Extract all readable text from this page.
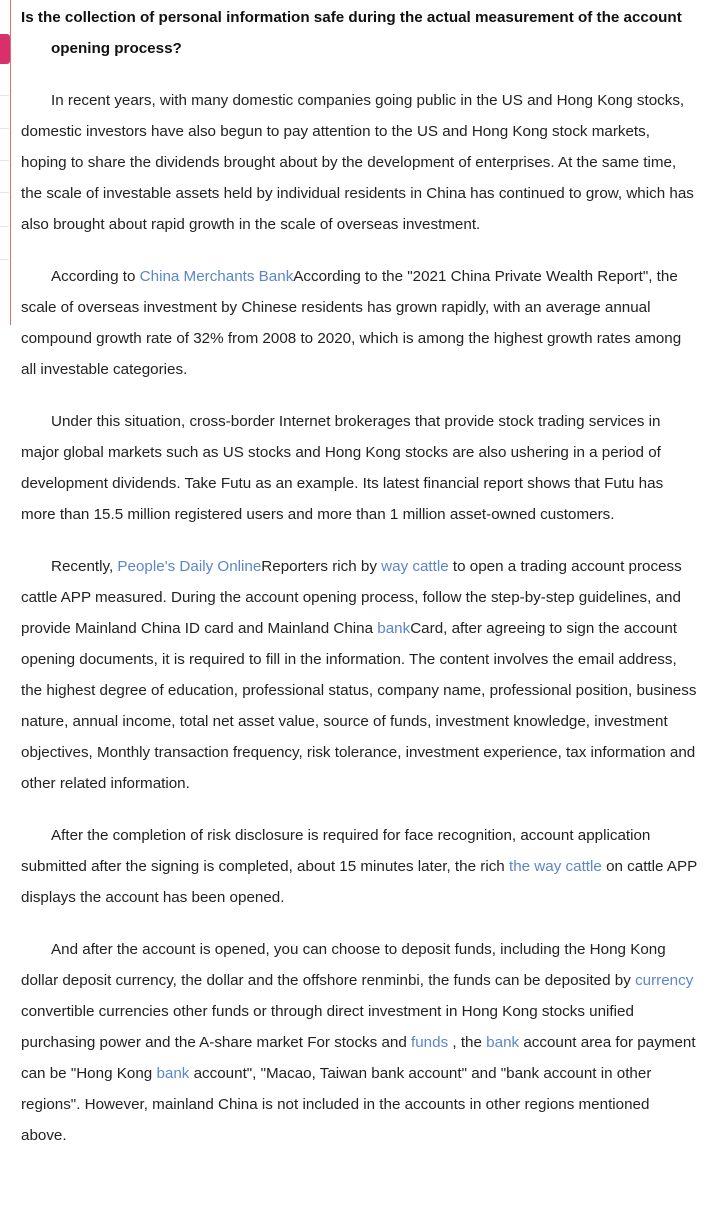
Is the collection of personal information safe during the actual measurement of the account opening process?

In recent years, with many domestic companies going public in the US and Hong Kong stocks, domestic investors have also begun to pay attention to the US and Hong Kong stock markets, hoping to share the dividends brought about by the development of enterprises. At the same time, the scale of investable assets held by individual residents in China has continued to grow, which has also brought about rapid growth in the scale of overseas investment.

According to China Merchants BankAccording to the "2021 China Private Wealth Report", the scale of overseas investment by Chinese residents has grown rapidly, with an average annual compound growth rate of 32% from 2008 to 2020, which is among the highest growth rates among all investable categories.

Under this situation, cross-border Internet brokerages that provide stock trading services in major global markets such as US stocks and Hong Kong stocks are also ushering in a period of development dividends. Take Futu as an example. Its latest financial report shows that Futu has more than 15.5 million registered users and more than 1 million asset-owned customers.

Recently, People's Daily OnlineReporters rich by way cattle to open a trading account process cattle APP measured. During the account opening process, follow the step-by-step guidelines, and provide Mainland China ID card and Mainland China bankCard, after agreeing to sign the account opening documents, it is required to fill in the information. The content involves the email address, the highest degree of education, professional status, company name, professional position, business nature, annual income, total net asset value, source of funds, investment knowledge, investment objectives, Monthly transaction frequency, risk tolerance, investment experience, tax information and other related information.

After the completion of risk disclosure is required for face recognition, account application submitted after the signing is completed, about 15 minutes later, the rich the way cattle on cattle APP displays the account has been opened.

And after the account is opened, you can choose to deposit funds, including the Hong Kong dollar deposit currency, the dollar and the offshore renminbi, the funds can be deposited by currency convertible currencies other funds or through direct investment in Hong Kong stocks unified purchasing power and the A-share market For stocks and funds , the bank account area for payment can be "Hong Kong bank account", "Macao, Taiwan bank account" and "bank account in other regions". However, mainland China is not included in the accounts in other regions mentioned above.
